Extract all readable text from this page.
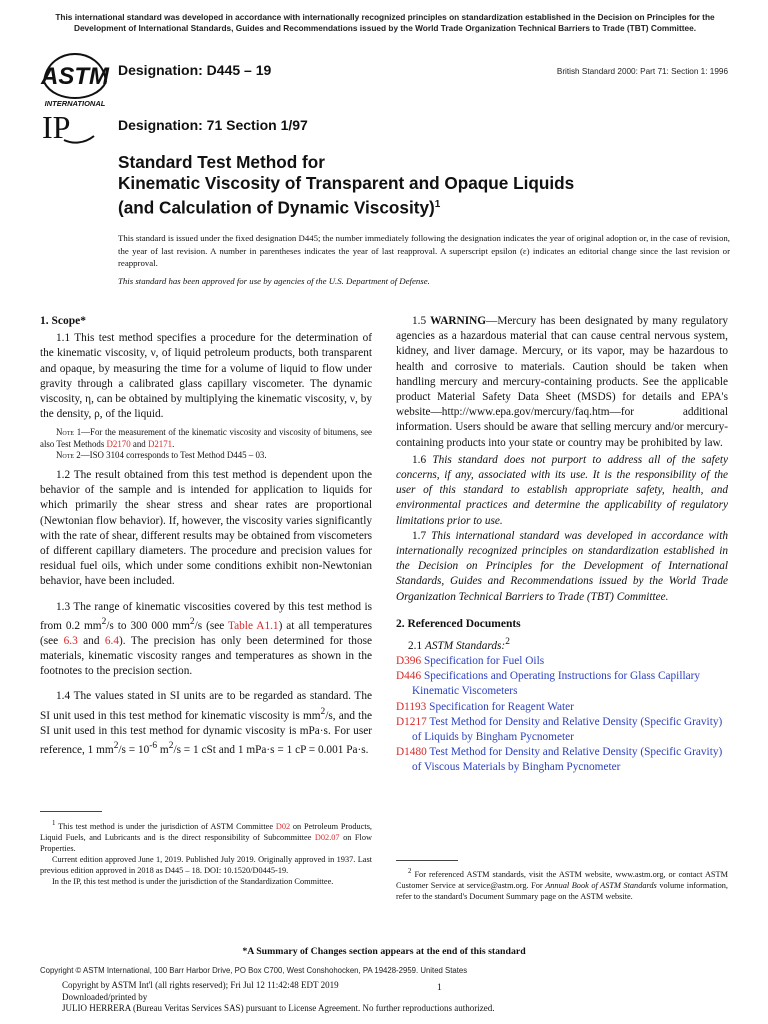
This international standard was developed in accordance with internationally recognized principles on standardization established in the Decision on Principles for the Development of International Standards, Guides and Recommendations issued by the World Trade Organization Technical Barriers to Trade (TBT) Committee.
ASTM
INTERNATIONAL
Designation: D445 – 19	British Standard 2000: Part 71: Section 1: 1996
IP	Designation: 71 Section 1/97
Standard Test Method for
Kinematic Viscosity of Transparent and Opaque Liquids
(and Calculation of Dynamic Viscosity)$^1$
This standard is issued under the fixed designation D445; the number immediately following the designation indicates the year of original adoption or, in the case of revision, the year of last revision. A number in parentheses indicates the year of last reapproval. A superscript epsilon (ε) indicates an editorial change since the last revision or reapproval.
This standard has been approved for use by agencies of the U.S. Department of Defense.
1. Scope*

1.1 This test method specifies a procedure for the determination of the kinematic viscosity, ν, of liquid petroleum products, both transparent and opaque, by measuring the time for a volume of liquid to flow under gravity through a calibrated glass capillary viscometer. The dynamic viscosity, η, can be obtained by multiplying the kinematic viscosity, ν, by the density, ρ, of the liquid.

Note 1—For the measurement of the kinematic viscosity and viscosity of bitumens, see also Test Methods D2170 and D2171.
Note 2—ISO 3104 corresponds to Test Method D445 – 03.

1.2 The result obtained from this test method is dependent upon the behavior of the sample and is intended for application to liquids for which primarily the shear stress and shear rates are proportional (Newtonian flow behavior). If, however, the viscosity varies significantly with the rate of shear, different results may be obtained from viscometers of different capillary diameters. The procedure and precision values for residual fuel oils, which under some conditions exhibit non-Newtonian behavior, have been included.

1.3 The range of kinematic viscosities covered by this test method is from 0.2 $mm^2/s$ to 300 000 $mm^2/s$ (see Table A1.1) at all temperatures (see 6.3 and 6.4). The precision has only been determined for those materials, kinematic viscosity ranges and temperatures as shown in the footnotes to the precision section.

1.4 The values stated in SI units are to be regarded as standard. The SI unit used in this test method for kinematic viscosity is $mm^2/s$, and the SI unit used in this test method for dynamic viscosity is mPa·s. For user reference, 1 $mm^2/s = 10^{-6}$ $m^2/s = 1$ cSt and 1 mPa·s = 1 cP = 0.001 Pa·s.

$^1$ This test method is under the jurisdiction of ASTM Committee D02 on Petroleum Products, Liquid Fuels, and Lubricants and is the direct responsibility of Subcommittee D02.07 on Flow Properties.
Current edition approved June 1, 2019. Published July 2019. Originally approved in 1937. Last previous edition approved in 2018 as D445 – 18. DOI: 10.1520/D0445-19.
In the IP, this test method is under the jurisdiction of the Standardization Committee.

1.5 WARNING—Mercury has been designated by many regulatory agencies as a hazardous material that can cause central nervous system, kidney, and liver damage. Mercury, or its vapor, may be hazardous to health and corrosive to materials. Caution should be taken when handling mercury and mercury-containing products. See the applicable product Material Safety Data Sheet (MSDS) for details and EPA's website—http://www.epa.gov/mercury/faq.htm—for additional information. Users should be aware that selling mercury and/or mercury-containing products into your state or country may be prohibited by law.

1.6 This standard does not purport to address all of the safety concerns, if any, associated with its use. It is the responsibility of the user of this standard to establish appropriate safety, health, and environmental practices and determine the applicability of regulatory limitations prior to use.

1.7 This international standard was developed in accordance with internationally recognized principles on standardization established in the Decision on Principles for the Development of International Standards, Guides and Recommendations issued by the World Trade Organization Technical Barriers to Trade (TBT) Committee.

2. Referenced Documents
2.1 ASTM Standards:$^2$
D396 Specification for Fuel Oils
D446 Specifications and Operating Instructions for Glass Capillary Kinematic Viscometers
D1193 Specification for Reagent Water
D1217 Test Method for Density and Relative Density (Specific Gravity) of Liquids by Bingham Pycnometer
D1480 Test Method for Density and Relative Density (Specific Gravity) of Viscous Materials by Bingham Pycnometer
$^2$ For referenced ASTM standards, visit the ASTM website, www.astm.org, or contact ASTM Customer Service at service@astm.org. For Annual Book of ASTM Standards volume information, refer to the standard's Document Summary page on the ASTM website.
*A Summary of Changes section appears at the end of this standard
Copyright © ASTM International, 100 Barr Harbor Drive, PO Box C700, West Conshohocken, PA 19428-2959. United States
Copyright by ASTM Int'l (all rights reserved); Fri Jul 12 11:42:48 EDT 2019
Downloaded/printed by
JULIO HERRERA (Bureau Veritas Services SAS) pursuant to License Agreement. No further reproductions authorized.
1
